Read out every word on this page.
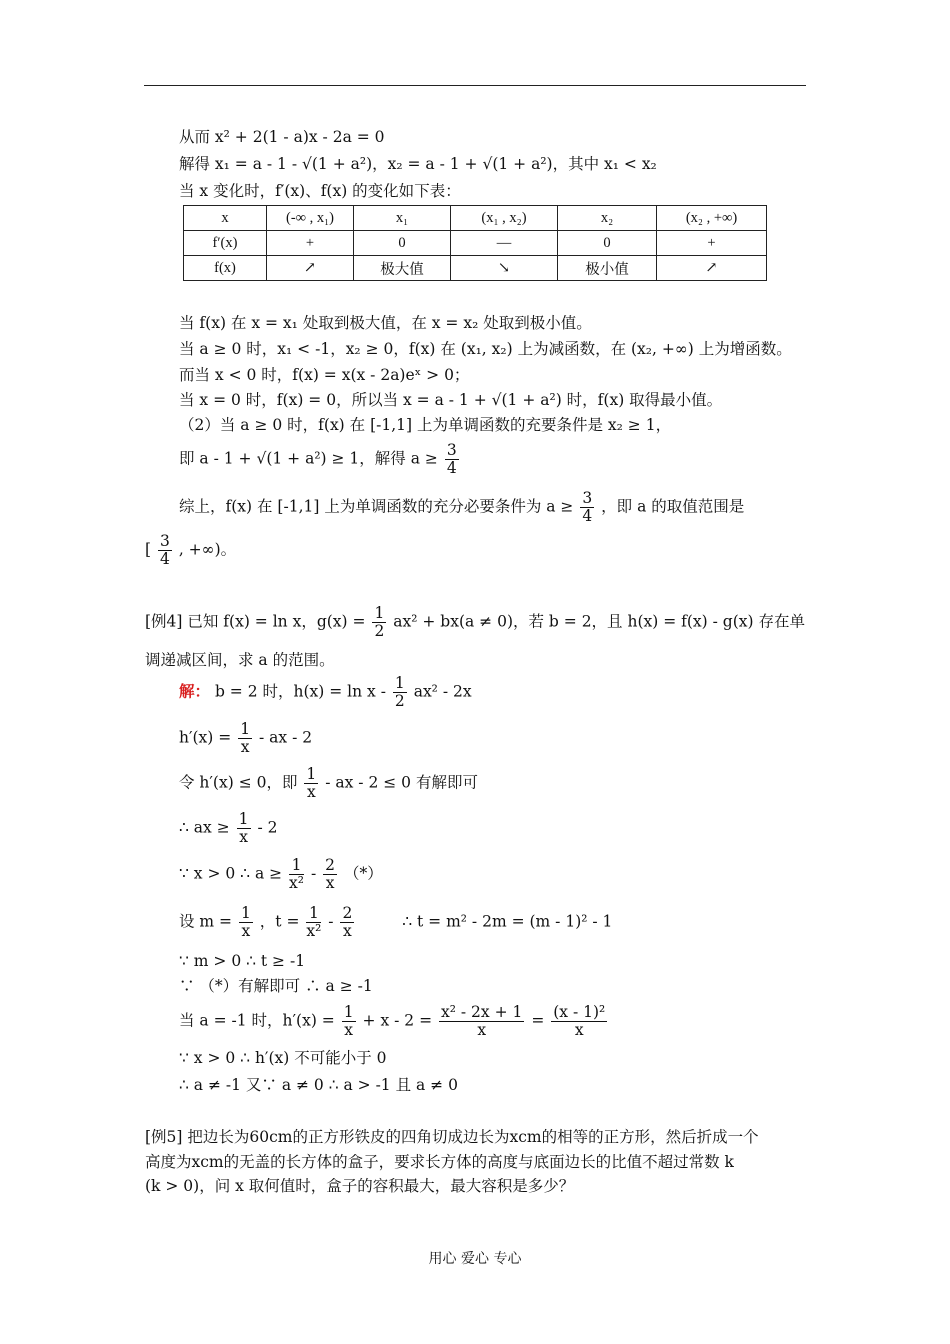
从而 x² + 2(1 - a)x - 2a = 0
解得 x₁ = a - 1 - √(1 + a²)，x₂ = a - 1 + √(1 + a²)，其中 x₁ < x₂
当 x 变化时，f′(x)、f(x) 的变化如下表：
x	(-∞ , x₁)	x₁	(x₁ , x₂)	x₂	(x₂ , +∞)
f′(x)	+	0	—	0	+
f(x)	↗	极大值	↘	极小值	↗
当 f(x) 在 x = x₁ 处取到极大值，在 x = x₂ 处取到极小值。
当 a ≥ 0 时，x₁ < -1，x₂ ≥ 0，f(x) 在 (x₁, x₂) 上为减函数，在 (x₂, +∞) 上为增函数。
而当 x < 0 时，f(x) = x(x - 2a)eˣ > 0；
当 x = 0 时，f(x) = 0，所以当 x = a - 1 + √(1 + a²) 时，f(x) 取得最小值。
（2）当 a ≥ 0 时，f(x) 在 [-1,1] 上为单调函数的充要条件是 x₂ ≥ 1，
即 a - 1 + √(1 + a²) ≥ 1，解得 $a \ge \frac{3}{4}$
综上，f(x) 在 [-1,1] 上为单调函数的充分必要条件为 $a \ge \frac{3}{4}$ ，即 a 的取值范围是
[ $\frac{3}{4}$ , +∞)。
[例4] 已知 f(x) = ln x，$g(x) = \frac{1}{2} ax^2 + bx(a \ne 0)$，若 b = 2，且 h(x) = f(x) - g(x) 存在单
调递减区间，求 a 的范围。
解： b = 2 时，$h(x) = \ln x - \frac{1}{2} ax^2 - 2x$
$h'(x) = \frac{1}{x}$ - ax - 2
令 h′(x) ≤ 0，即 $\frac{1}{x}$ - ax - 2 ≤ 0 有解即可
∴ ax ≥ $\frac{1}{x} - 2$
∵ x > 0 ∴ $a \ge \frac{1}{\text{x²}} - \frac{2}{x}$ （*）
设 $m = \frac{1}{x}$ ，$t = \frac{1}{\text{x²}} - \frac{2}{x}$	∴ t = m² - 2m = (m - 1)² - 1
∵ m > 0 ∴ t ≥ -1
∵ （*）有解即可 ∴ a ≥ -1
当 a = -1 时，$h'(x) = \frac{1}{x} + x - 2 = \frac{\text{x² - 2x + 1}}{x} = \frac{\text{(x - 1)²}}{x}$
∵ x > 0 ∴ h′(x) 不可能小于 0
∴ a ≠ -1 又∵ a ≠ 0 ∴ a > -1 且 a ≠ 0
[例5] 把边长为60cm的正方形铁皮的四角切成边长为xcm的相等的正方形，然后折成一个
高度为xcm的无盖的长方体的盒子，要求长方体的高度与底面边长的比值不超过常数 k
(k > 0)，问 x 取何值时，盒子的容积最大，最大容积是多少？
用心 爱心 专心
